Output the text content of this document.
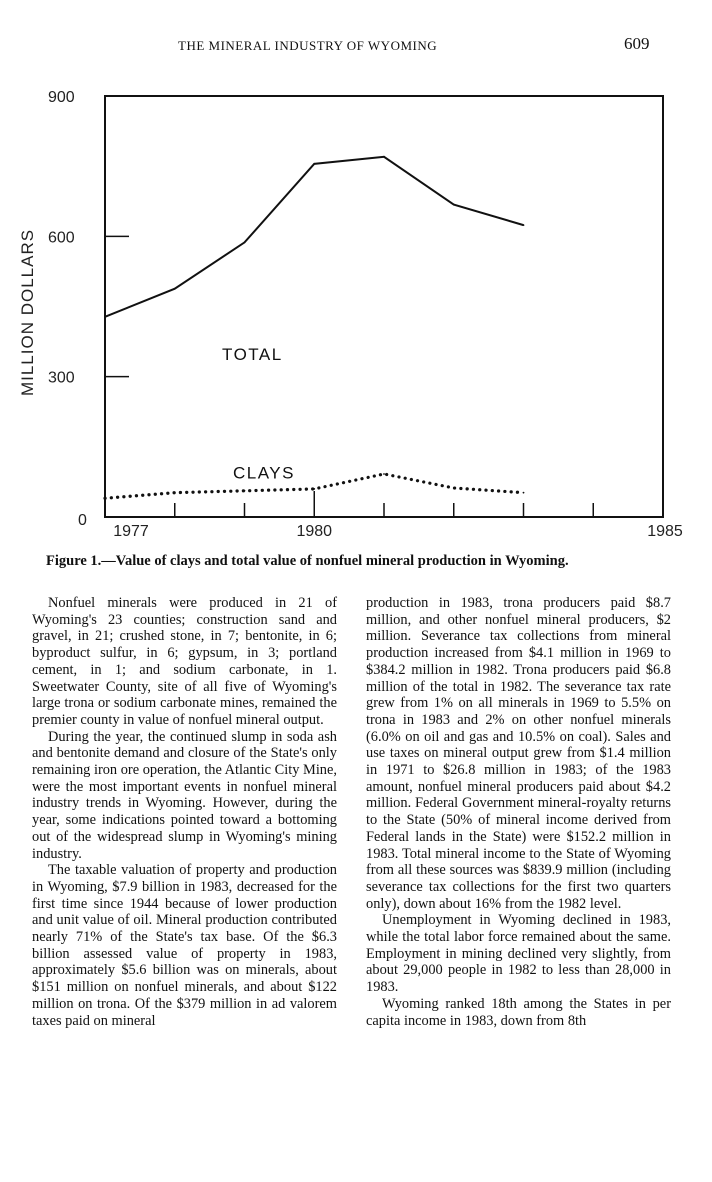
THE MINERAL INDUSTRY OF WYOMING	609
0
300
600
900
1977	1980	1985
MILLION DOLLARS	TOTAL
CLAYS
Figure 1.—Value of clays and total value of nonfuel mineral production in Wyoming.

Nonfuel minerals were produced in 21 of Wyoming's 23 counties; construction sand and gravel, in 21; crushed stone, in 7; bentonite, in 6; byproduct sulfur, in 6; gypsum, in 3; portland cement, in 1; and sodium carbonate, in 1. Sweetwater County, site of all five of Wyoming's large trona or sodium carbonate mines, remained the premier county in value of nonfuel mineral output.

During the year, the continued slump in soda ash and bentonite demand and closure of the State's only remaining iron ore operation, the Atlantic City Mine, were the most important events in nonfuel mineral industry trends in Wyoming. However, during the year, some indications pointed toward a bottoming out of the widespread slump in Wyoming's mining industry.

The taxable valuation of property and production in Wyoming, $7.9 billion in 1983, decreased for the first time since 1944 because of lower production and unit value of oil. Mineral production contributed nearly 71% of the State's tax base. Of the $6.3 billion assessed value of property in 1983, approximately $5.6 billion was on minerals, about $151 million on nonfuel minerals, and about $122 million on trona. Of the $379 million in ad valorem taxes paid on mineral

production in 1983, trona producers paid $8.7 million, and other nonfuel mineral producers, $2 million. Severance tax collections from mineral production increased from $4.1 million in 1969 to $384.2 million in 1982. Trona producers paid $6.8 million of the total in 1982. The severance tax rate grew from 1% on all minerals in 1969 to 5.5% on trona in 1983 and 2% on other nonfuel minerals (6.0% on oil and gas and 10.5% on coal). Sales and use taxes on mineral output grew from $1.4 million in 1971 to $26.8 million in 1983; of the 1983 amount, nonfuel mineral producers paid about $4.2 million. Federal Government mineral-royalty returns to the State (50% of mineral income derived from Federal lands in the State) were $152.2 million in 1983. Total mineral income to the State of Wyoming from all these sources was $839.9 million (including severance tax collections for the first two quarters only), down about 16% from the 1982 level.

Unemployment in Wyoming declined in 1983, while the total labor force remained about the same. Employment in mining declined very slightly, from about 29,000 people in 1982 to less than 28,000 in 1983.

Wyoming ranked 18th among the States in per capita income in 1983, down from 8th
